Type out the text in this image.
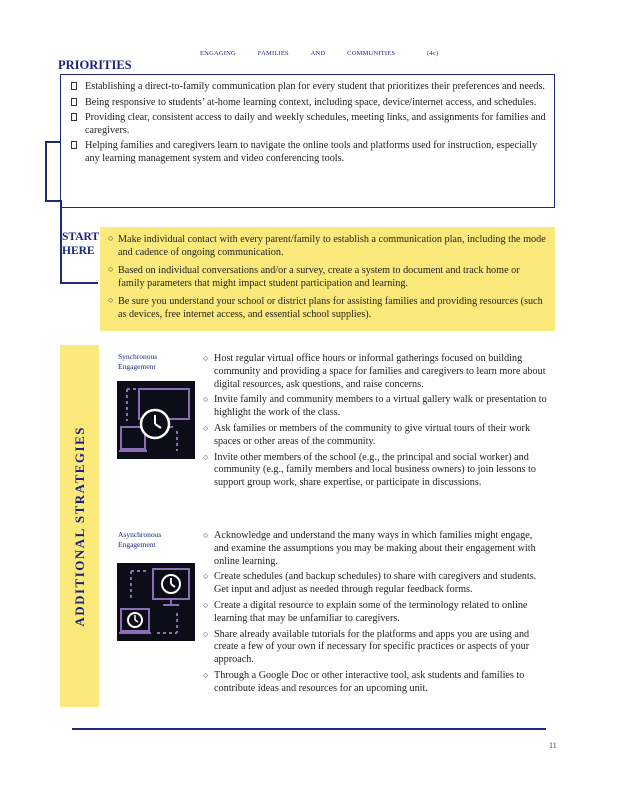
ENGAGING	FAMILIES	AND	COMMUNITIES	(4c)
PRIORITIES
Establishing a direct-to-family communication plan for every student that prioritizes their preferences and needs.
Being responsive to students’ at-home learning context, including space, device/internet access, and schedules.
Providing clear, consistent access to daily and weekly schedules, meeting links, and assignments for families and caregivers.
Helping families and caregivers learn to navigate the online tools and platforms used for instruction, especially any learning management system and video conferencing tools.
START
HERE
○ Make individual contact with every parent/family to establish a communication plan, including the mode and cadence of ongoing communication.
○ Based on individual conversations and/or a survey, create a system to document and track home or family parameters that might impact student participation and learning.
○ Be sure you understand your school or district plans for assisting families and providing resources (such as devices, free internet access, and essential school supplies).
ADDITIONAL STRATEGIES
Synchronous
Engagement
○ Host regular virtual office hours or informal gatherings focused on building community and providing a space for families and caregivers to learn more about digital resources, ask questions, and raise concerns.
○ Invite family and community members to a virtual gallery walk or presentation to highlight the work of the class.
○ Ask families or members of the community to give virtual tours of their work spaces or other areas of the community.
○ Invite other members of the school (e.g., the principal and social worker) and community (e.g., family members and local business owners) to join lessons to support group work, share expertise, or participate in discussions.
Asynchronous
Engagement
○ Acknowledge and understand the many ways in which families might engage, and examine the assumptions you may be making about their engagement with online learning.
○ Create schedules (and backup schedules) to share with caregivers and students. Get input and adjust as needed through regular feedback forms.
○ Create a digital resource to explain some of the terminology related to online learning that may be unfamiliar to caregivers.
○ Share already available tutorials for the platforms and apps you are using and create a few of your own if necessary for specific practices or aspects of your approach.
○ Through a Google Doc or other interactive tool, ask students and families to contribute ideas and resources for an upcoming unit.
11
